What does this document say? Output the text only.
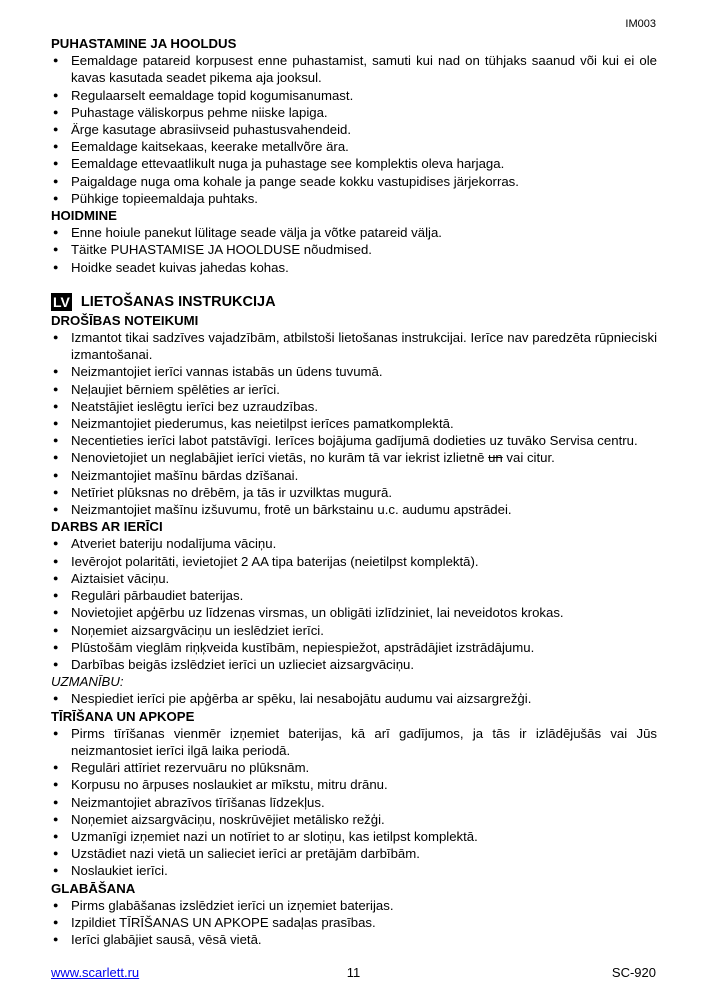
IM003
PUHASTAMINE JA HOOLDUS
● Eemaldage patareid korpusest enne puhastamist, samuti kui nad on tühjaks saanud või kui ei ole kavas kasutada seadet pikema aja jooksul.
● Regulaarselt eemaldage topid kogumisanumast.
● Puhastage väliskorpus pehme niiske lapiga.
● Ärge kasutage abrasiivseid puhastusvahendeid.
● Eemaldage kaitsekaas, keerake metallvõre ära.
● Eemaldage ettevaatlikult nuga ja puhastage see komplektis oleva harjaga.
● Paigaldage nuga oma kohale ja pange seade kokku vastupidises järjekorras.
● Pühkige topieemaldaja puhtaks.
HOIDMINE
● Enne hoiule panekut lülitage seade välja ja võtke patareid välja.
● Täitke PUHASTAMISE JA HOOLDUSE nõudmised.
● Hoidke seadet kuivas jahedas kohas.
LV LIETOŠANAS INSTRUKCIJA
DROŠĪBAS NOTEIKUMI
● Izmantot tikai sadzīves vajadzībām, atbilstoši lietošanas instrukcijai. Ierīce nav paredzēta rūpnieciski izmantošanai.
● Neizmantojiet ierīci vannas istabās un ūdens tuvumā.
● Neļaujiet bērniem spēlēties ar ierīci.
● Neatstājiet ieslēgtu ierīci bez uzraudzības.
● Neizmantojiet piederumus, kas neietilpst ierīces pamatkomplektā.
● Necentieties ierīci labot patstāvīgi. Ierīces bojājuma gadījumā dodieties uz tuvāko Servisa centru.
● Nenovietojiet un neglabājiet ierīci vietās, no kurām tā var iekrist izlietnē un vai citur.
● Neizmantojiet mašīnu bārdas dzīšanai.
● Netīriet plūksnas no drēbēm, ja tās ir uzvilktas mugurā.
● Neizmantojiet mašīnu izšuvumu, frotē un bārkstainu u.c. audumu apstrādei.
DARBS AR IERĪCI
● Atveriet bateriju nodalījuma vāciņu.
● Ievērojot polaritāti, ievietojiet 2 AA tipa baterijas (neietilpst komplektā).
● Aiztaisiet vāciņu.
● Regulāri pārbaudiet baterijas.
● Novietojiet apģērbu uz līdzenas virsmas, un obligāti izlīdziniet, lai neveidotos krokas.
● Noņemiet aizsargvāciņu un ieslēdziet ierīci.
● Plūstošām vieglām riņķveida kustībām, nepiespiežot, apstrādājiet izstrādājumu.
● Darbības beigās izslēdziet ierīci un uzlieciet aizsargvāciņu.
UZMANĪBU:
● Nespiediet ierīci pie apģērba ar spēku, lai nesabojātu audumu vai aizsargrežģi.
TĪRĪŠANA UN APKOPE
● Pirms tīrīšanas vienmēr izņemiet baterijas, kā arī gadījumos, ja tās ir izlādējušās vai Jūs neizmantosiet ierīci ilgā laika periodā.
● Regulāri attīriet rezervuāru no plūksnām.
● Korpusu no ārpuses noslaukiet ar mīkstu, mitru drānu.
● Neizmantojiet abrazīvos tīrīšanas līdzekļus.
● Noņemiet aizsargvāciņu, noskrūvējiet metālisko režģi.
● Uzmanīgi izņemiet nazi un notīriet to ar slotiņu, kas ietilpst komplektā.
● Uzstādiet nazi vietā un salieciet ierīci ar pretājām darbībām.
● Noslaukiet ierīci.
GLABĀŠANA
● Pirms glabāšanas izslēdziet ierīci un izņemiet baterijas.
● Izpildiet TĪRĪŠANAS UN APKOPE sadaļas prasības.
● Ierīci glabājiet sausā, vēsā vietā.
www.scarlett.ru	11	SC-920
